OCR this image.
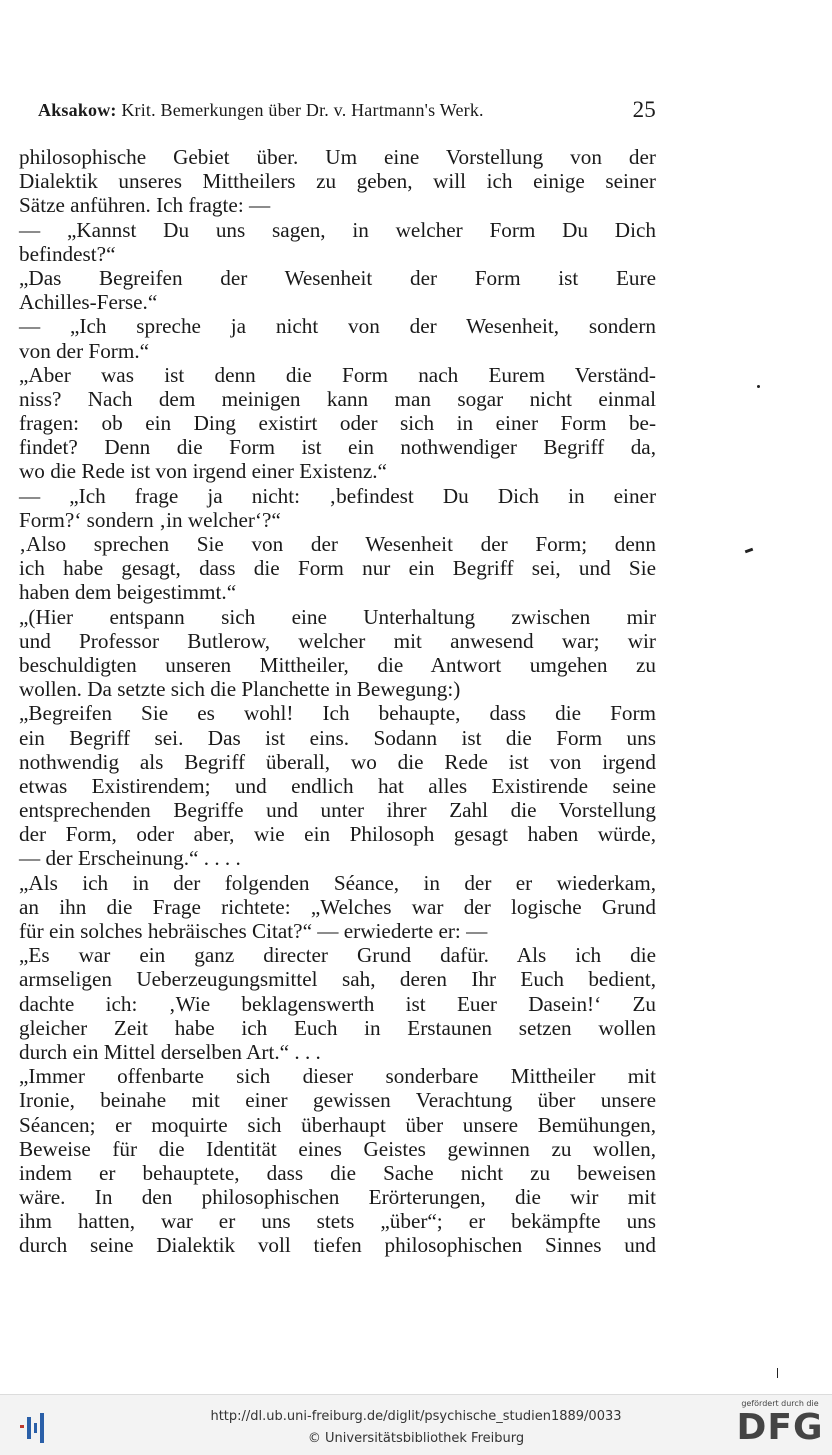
Aksakow: Krit. Bemerkungen über Dr. v. Hartmann's Werk.	25
philosophische Gebiet über. Um eine Vorstellung von der
Dialektik unseres Mittheilers zu geben, will ich einige seiner
Sätze anführen. Ich fragte: —
— „Kannst Du uns sagen, in welcher Form Du Dich
befindest?“
„Das Begreifen der Wesenheit der Form ist Eure
Achilles-Ferse.“
— „Ich spreche ja nicht von der Wesenheit, sondern
von der Form.“
„Aber was ist denn die Form nach Eurem Verständ-
niss? Nach dem meinigen kann man sogar nicht einmal
fragen: ob ein Ding existirt oder sich in einer Form be-
findet? Denn die Form ist ein nothwendiger Begriff da,
wo die Rede ist von irgend einer Existenz.“
— „Ich frage ja nicht: ‚befindest Du Dich in einer
Form?‘ sondern ‚in welcher‘?“
‚Also sprechen Sie von der Wesenheit der Form; denn
ich habe gesagt, dass die Form nur ein Begriff sei, und Sie
haben dem beigestimmt.“
„(Hier entspann sich eine Unterhaltung zwischen mir
und Professor Butlerow, welcher mit anwesend war; wir
beschuldigten unseren Mittheiler, die Antwort umgehen zu
wollen. Da setzte sich die Planchette in Bewegung:)
„Begreifen Sie es wohl! Ich behaupte, dass die Form
ein Begriff sei. Das ist eins. Sodann ist die Form uns
nothwendig als Begriff überall, wo die Rede ist von irgend
etwas Existirendem; und endlich hat alles Existirende seine
entsprechenden Begriffe und unter ihrer Zahl die Vorstellung
der Form, oder aber, wie ein Philosoph gesagt haben würde,
— der Erscheinung.“ . . . .
„Als ich in der folgenden Séance, in der er wiederkam,
an ihn die Frage richtete: „Welches war der logische Grund
für ein solches hebräisches Citat?“ — erwiederte er: —
„Es war ein ganz directer Grund dafür. Als ich die
armseligen Ueberzeugungsmittel sah, deren Ihr Euch bedient,
dachte ich: ‚Wie beklagenswerth ist Euer Dasein!‘ Zu
gleicher Zeit habe ich Euch in Erstaunen setzen wollen
durch ein Mittel derselben Art.“ . . .
„Immer offenbarte sich dieser sonderbare Mittheiler mit
Ironie, beinahe mit einer gewissen Verachtung über unsere
Séancen; er moquirte sich überhaupt über unsere Bemühungen,
Beweise für die Identität eines Geistes gewinnen zu wollen,
indem er behauptete, dass die Sache nicht zu beweisen
wäre. In den philosophischen Erörterungen, die wir mit
ihm hatten, war er uns stets „über“; er bekämpfte uns
durch seine Dialektik voll tiefen philosophischen Sinnes und
http://dl.ub.uni-freiburg.de/diglit/psychische_studien1889/0033
© Universitätsbibliothek Freiburg
gefördert durch die
DFG
